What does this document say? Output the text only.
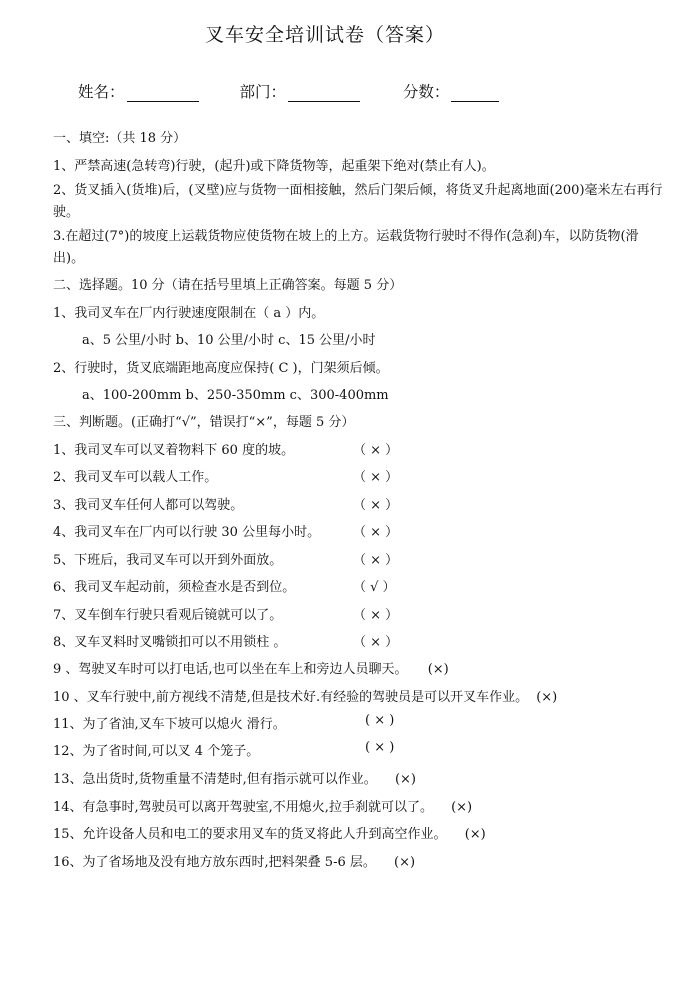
叉车安全培训试卷（答案）
姓名：	部门：	分数：
一、填空:（共 18 分）
1、严禁高速(急转弯)行驶，(起升)或下降货物等，起重架下绝对(禁止有人)。
2、货叉插入(货堆)后，(叉壁)应与货物一面相接触，然后门架后倾，将货叉升起离地面(200)毫米左右再行驶。
3.在超过(7°)的坡度上运载货物应使货物在坡上的上方。运载货物行驶时不得作(急刹)车，以防货物(滑出)。
二、选择题。10 分（请在括号里填上正确答案。每题 5 分）
1、我司叉车在厂内行驶速度限制在（ a ）内。
a、5 公里/小时 b、10 公里/小时 c、15 公里/小时
2、行驶时，货叉底端距地高度应保持( C )，门架须后倾。
a、100-200mm b、250-350mm c、300-400mm
三、判断题。(正确打“√”，错误打“×”，每题 5 分）
1、我司叉车可以叉着物料下 60 度的坡。	（ × ）
2、我司叉车可以载人工作。	（ × ）
3、我司叉车任何人都可以驾驶。	（ × ）
4、我司叉车在厂内可以行驶 30 公里每小时。	（ × ）
5、下班后，我司叉车可以开到外面放。	（ × ）
6、我司叉车起动前，须检查水是否到位。	（ √ ）
7、叉车倒车行驶只看观后镜就可以了。	（ × ）
8、叉车叉料时叉嘴锁扣可以不用锁柱 。	（ × ）
9 、驾驶叉车时可以打电话,也可以坐在车上和旁边人员聊天。 (×)
10 、叉车行驶中,前方视线不清楚,但是技术好.有经验的驾驶员是可以开叉车作业。 (×)
11、为了省油,叉车下坡可以熄火 滑行。	( × )
12、为了省时间,可以叉 4 个笼子。	( × )
13、急出货时,货物重量不清楚时,但有指示就可以作业。 (×)
14、有急事时,驾驶员可以离开驾驶室,不用熄火,拉手刹就可以了。 (×)
15、允许设备人员和电工的要求用叉车的货叉将此人升到高空作业。 (×)
16、为了省场地及没有地方放东西时,把料架叠 5-6 层。 (×)
